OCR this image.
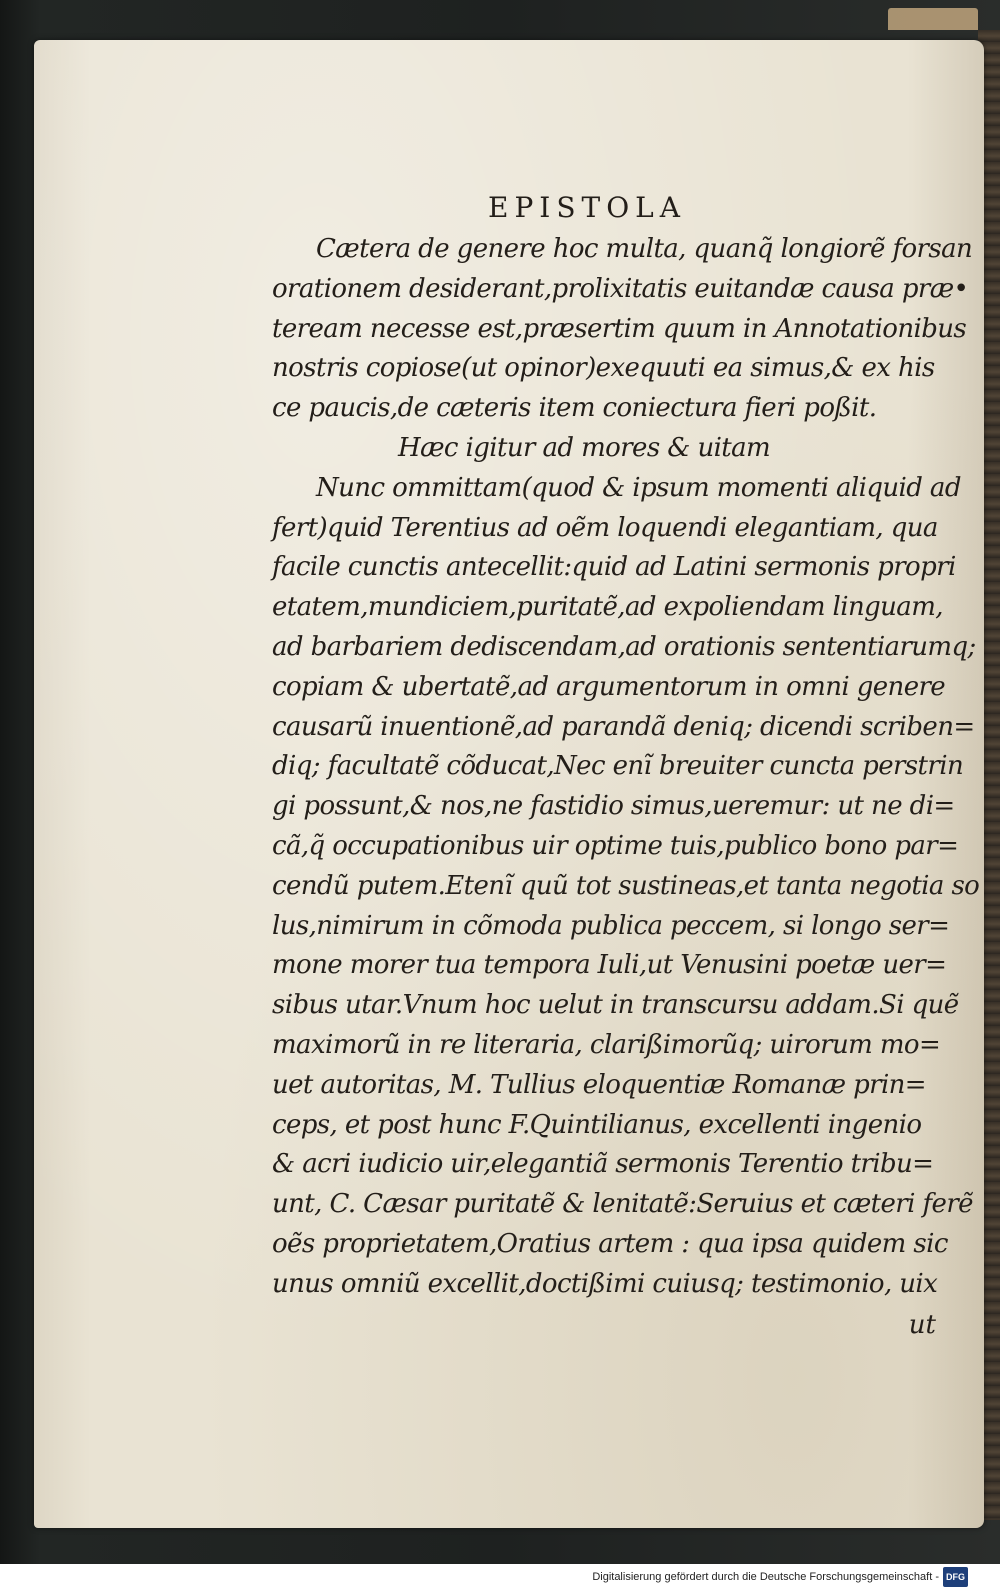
EPISTOLA
Cætera de genere hoc multa, quanq̃ longiorẽ forsan
orationem desiderant,prolixitatis euitandæ causa præ•
teream necesse est,præsertim quum in Annotationibus
nostris copiose(ut opinor)exequuti ea simus,& ex his
ce paucis,de cæteris item coniectura fieri poßit.
Hæc igitur ad mores & uitam
Nunc ommittam(quod & ipsum momenti aliquid ad
fert)quid Terentius ad oẽm loquendi elegantiam, qua
facile cunctis antecellit:quid ad Latini sermonis propri
etatem,mundiciem,puritatẽ,ad expoliendam linguam,
ad barbariem dediscendam,ad orationis sententiarumq;
copiam & ubertatẽ,ad argumentorum in omni genere
causarũ inuentionẽ,ad parandã deniq; dicendi scriben=
diq; facultatẽ cõducat,Nec enĩ breuiter cuncta perstrin
gi possunt,& nos,ne fastidio simus,ueremur: ut ne di=
cã,q̃ occupationibus uir optime tuis,publico bono par=
cendũ putem.Etenĩ quũ tot sustineas,et tanta negotia so
lus,nimirum in cõmoda publica peccem, si longo ser=
mone morer tua tempora Iuli,ut Venusini poetæ uer=
sibus utar.Vnum hoc uelut in transcursu addam.Si quẽ
maximorũ in re literaria, clarißimorũq; uirorum mo=
uet autoritas, M. Tullius eloquentiæ Romanæ prin=
ceps, et post hunc F.Quintilianus, excellenti ingenio
& acri iudicio uir,elegantiã sermonis Terentio tribu=
unt, C. Cæsar puritatẽ & lenitatẽ:Seruius et cæteri ferẽ
oẽs proprietatem,Oratius artem : qua ipsa quidem sic
unus omniũ excellit,doctißimi cuiusq; testimonio, uix
ut
Digitalisierung gefördert durch die Deutsche Forschungsgemeinschaft - DFG
